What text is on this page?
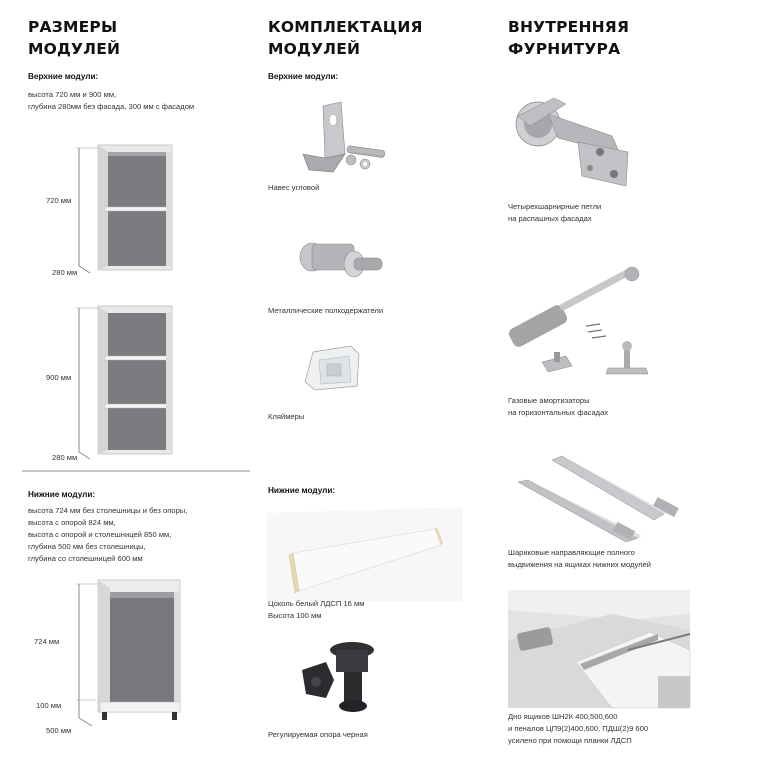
РАЗМЕРЫ
МОДУЛЕЙ
Верхние модули:
высота 720 мм и 900 мм,
глубина 280мм без фасада, 300 мм с фасадом
720 мм
280 мм
900 мм
280 мм
Нижние модули:
высота 724 мм без столешницы и без опоры,
высота с опорой 824 мм,
высота с опорой и столешницей 850 мм,
глубина 500 мм без столешницы,
глубина со столешницей 600 мм
724 мм
100 мм
500 мм
КОМПЛЕКТАЦИЯ
МОДУЛЕЙ
Верхние модули:
Навес угловой
Металлические полкодержатели
Кляймеры
Нижние модули:
Цоколь белый ЛДСП 16 мм
Высота 100 мм
Регулируемая опора черная
ВНУТРЕННЯЯ
ФУРНИТУРА
Четырехшарнирные петли
на распашных фасадах
Газовые амортизаторы
на горизонтальных фасадах
Шариковые направляющие полного
выдвижения на ящиках нижних модулей
Дно ящиков ШН2К 400,500,600
и пеналов ЦП9(2)400,600, ПДШ(2)9 600
усилено при помощи планки ЛДСП
